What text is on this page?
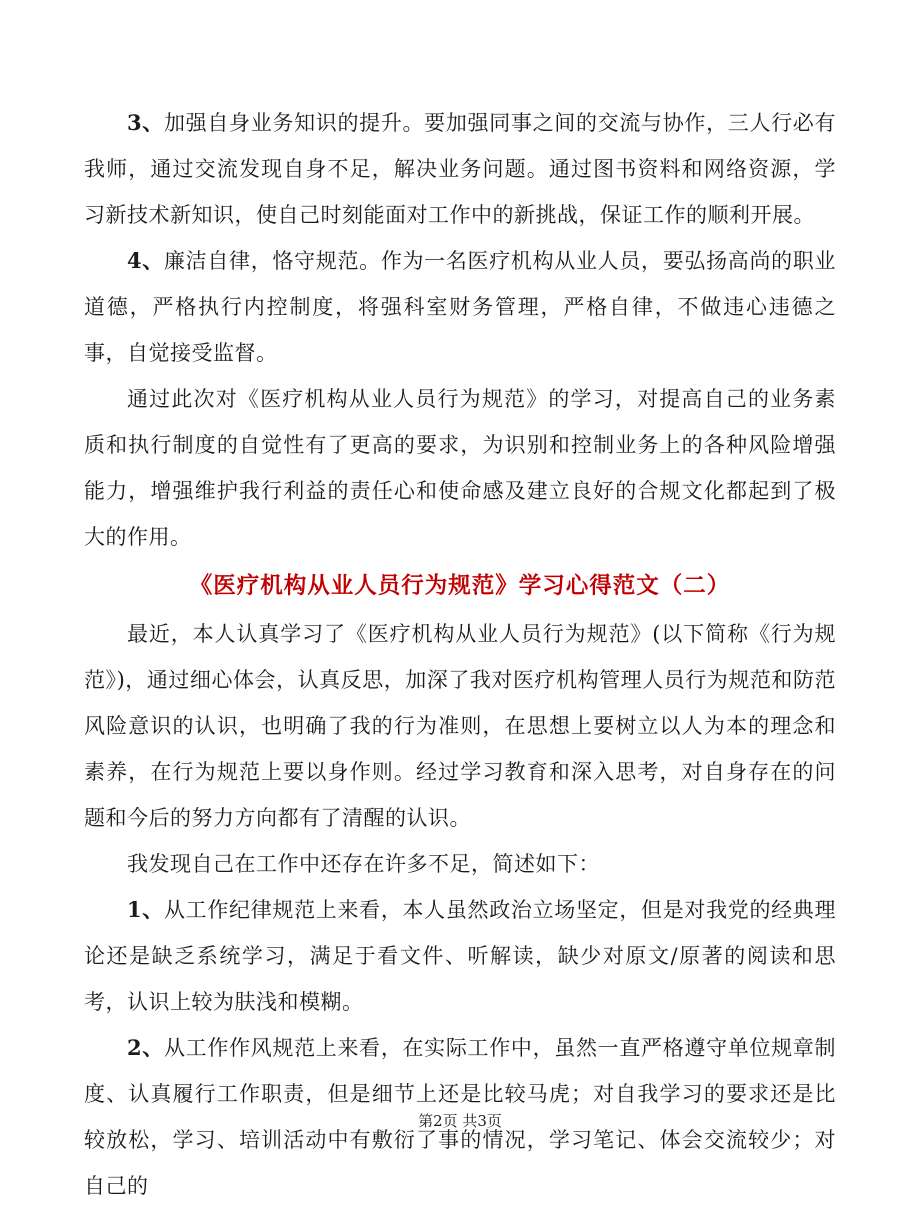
3、加强自身业务知识的提升。要加强同事之间的交流与协作，三人行必有我师，通过交流发现自身不足，解决业务问题。通过图书资料和网络资源，学习新技术新知识，使自己时刻能面对工作中的新挑战，保证工作的顺利开展。

4、廉洁自律，恪守规范。作为一名医疗机构从业人员，要弘扬高尚的职业道德，严格执行内控制度，将强科室财务管理，严格自律，不做违心违德之事，自觉接受监督。

通过此次对《医疗机构从业人员行为规范》的学习，对提高自己的业务素质和执行制度的自觉性有了更高的要求，为识别和控制业务上的各种风险增强能力，增强维护我行利益的责任心和使命感及建立良好的合规文化都起到了极大的作用。

《医疗机构从业人员行为规范》学习心得范文（二）

最近，本人认真学习了《医疗机构从业人员行为规范》(以下简称《行为规范》)，通过细心体会，认真反思，加深了我对医疗机构管理人员行为规范和防范风险意识的认识，也明确了我的行为准则，在思想上要树立以人为本的理念和素养，在行为规范上要以身作则。经过学习教育和深入思考，对自身存在的问题和今后的努力方向都有了清醒的认识。

我发现自己在工作中还存在许多不足，简述如下：

1、从工作纪律规范上来看，本人虽然政治立场坚定，但是对我党的经典理论还是缺乏系统学习，满足于看文件、听解读，缺少对原文/原著的阅读和思考，认识上较为肤浅和模糊。

2、从工作作风规范上来看，在实际工作中，虽然一直严格遵守单位规章制度、认真履行工作职责，但是细节上还是比较马虎；对自我学习的要求还是比较放松，学习、培训活动中有敷衍了事的情况，学习笔记、体会交流较少；对自己的

第2页 共3页
